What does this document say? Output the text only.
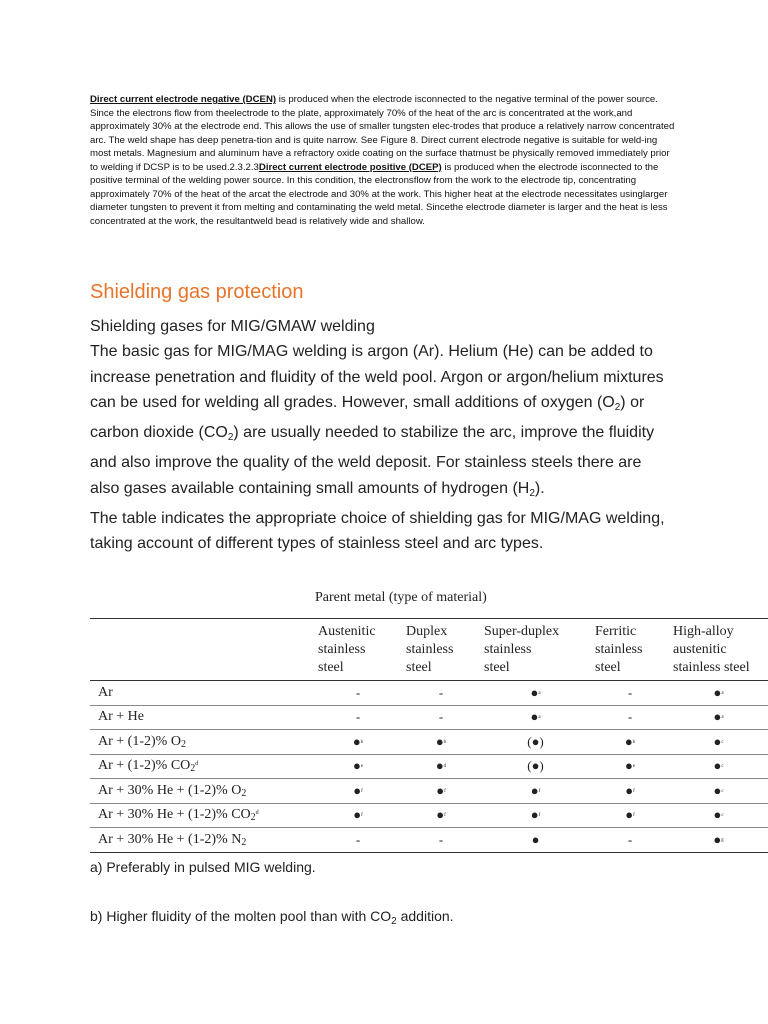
Direct current electrode negative (DCEN) is produced when the electrode isconnected to the negative terminal of the power source. Since the electrons flow from theelectrode to the plate, approximately 70% of the heat of the arc is concentrated at the work,and approximately 30% at the electrode end. This allows the use of smaller tungsten elec-trodes that produce a relatively narrow concentrated arc. The weld shape has deep penetra-tion and is quite narrow. See Figure 8. Direct current electrode negative is suitable for weld-ing most metals. Magnesium and aluminum have a refractory oxide coating on the surface thatmust be physically removed immediately prior to welding if DCSP is to be used.2.3.2.3Direct current electrode positive (DCEP) is produced when the electrode isconnected to the positive terminal of the welding power source. In this condition, the electronsflow from the work to the electrode tip, concentrating approximately 70% of the heat of the arcat the electrode and 30% at the work. This higher heat at the electrode necessitates usinglarger diameter tungsten to prevent it from melting and contaminating the weld metal. Sincethe electrode diameter is larger and the heat is less concentrated at the work, the resultantweld bead is relatively wide and shallow.

Shielding gas protection

Shielding gases for MIG/GMAW welding

The basic gas for MIG/MAG welding is argon (Ar). Helium (He) can be added to increase penetration and fluidity of the weld pool. Argon or argon/helium mixtures can be used for welding all grades. However, small additions of oxygen $(O_2)$ or carbon dioxide $(CO_2)$ are usually needed to stabilize the arc, improve the fluidity and also improve the quality of the weld deposit. For stainless steels there are also gases available containing small amounts of hydrogen $(H_2)$.

The table indicates the appropriate choice of shielding gas for MIG/MAG welding, taking account of different types of stainless steel and arc types.

Parent metal (type of material)

	Austenitic
stainless
steel	Duplex
stainless
steel	Super-duplex
stainless
steel	Ferritic
stainless
steel	High-alloy
austenitic
stainless steel
Ar	-	-	●$^a$	-	●$^a$
Ar + He	-	-	●$^a$	-	●$^a$
Ar + (1-2)% $O_2$	●$^b$	●$^b$	(●)	●$^b$	●$^c$
Ar + (1-2)% $CO_2^d$	●$^e$	●$^d$	(●)	●$^e$	●$^c$
Ar + 30% He + (1-2)% $O_2$	●$^f$	●$^f$	●$^f$	●$^f$	●$^c$
Ar + 30% He + (1-2)% $CO_2^d$	●$^f$	●$^f$	●$^f$	●$^f$	●$^c$
Ar + 30% He + (1-2)% $N_2$	-	-	●	-	●$^g$

a) Preferably in pulsed MIG welding.

b) Higher fluidity of the molten pool than with $CO_2$ addition.
